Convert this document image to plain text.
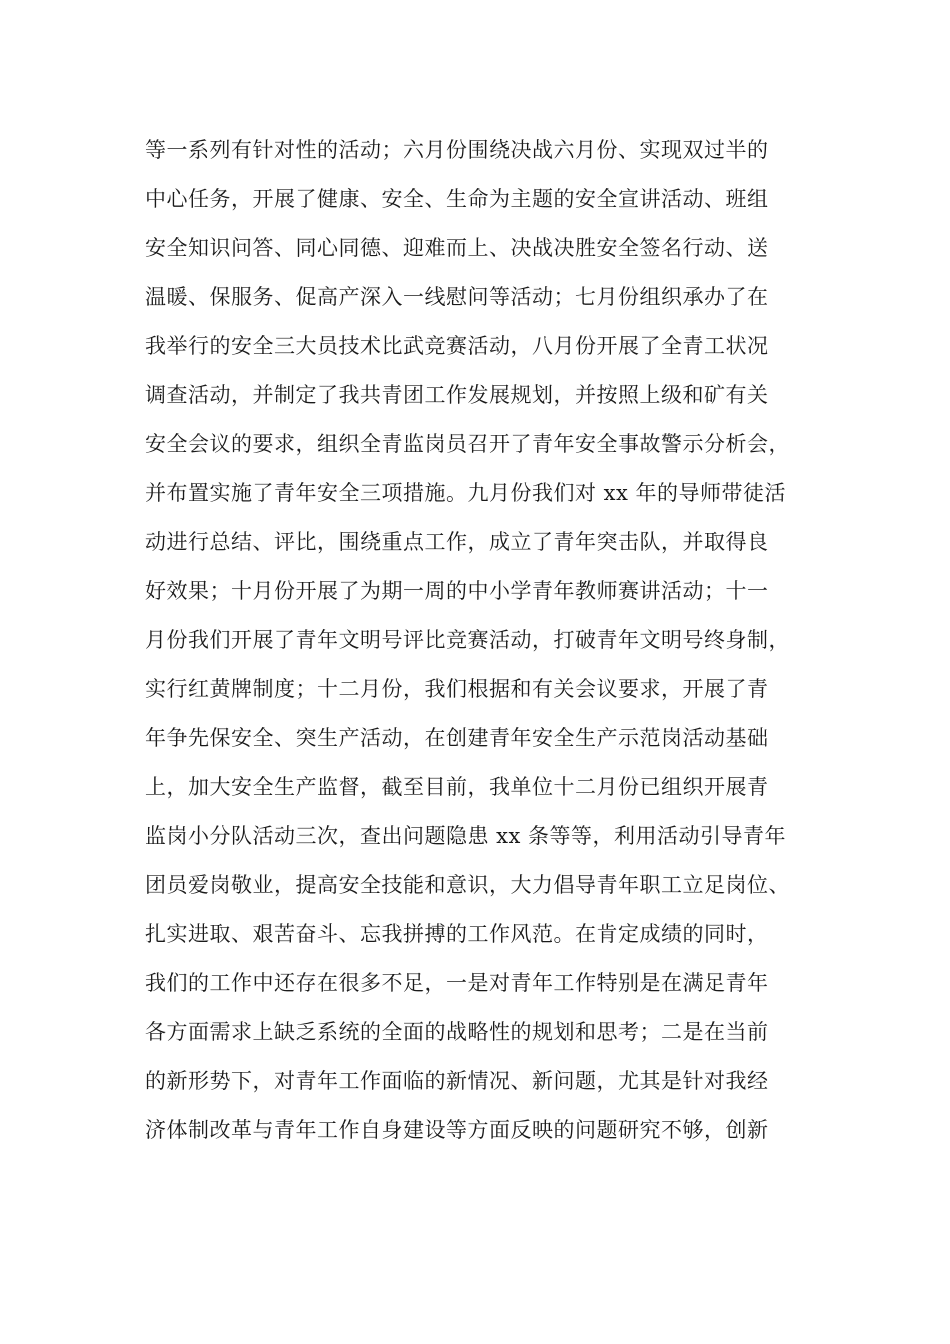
等一系列有针对性的活动；六月份围绕决战六月份、实现双过半的
中心任务，开展了健康、安全、生命为主题的安全宣讲活动、班组
安全知识问答、同心同德、迎难而上、决战决胜安全签名行动、送
温暖、保服务、促高产深入一线慰问等活动；七月份组织承办了在
我举行的安全三大员技术比武竞赛活动，八月份开展了全青工状况
调查活动，并制定了我共青团工作发展规划，并按照上级和矿有关
安全会议的要求，组织全青监岗员召开了青年安全事故警示分析会，
并布置实施了青年安全三项措施。九月份我们对 xx 年的导师带徒活
动进行总结、评比，围绕重点工作，成立了青年突击队，并取得良
好效果；十月份开展了为期一周的中小学青年教师赛讲活动；十一
月份我们开展了青年文明号评比竞赛活动，打破青年文明号终身制，
实行红黄牌制度；十二月份，我们根据和有关会议要求，开展了青
年争先保安全、突生产活动，在创建青年安全生产示范岗活动基础
上，加大安全生产监督，截至目前，我单位十二月份已组织开展青
监岗小分队活动三次，查出问题隐患 xx 条等等，利用活动引导青年
团员爱岗敬业，提高安全技能和意识，大力倡导青年职工立足岗位、
扎实进取、艰苦奋斗、忘我拼搏的工作风范。在肯定成绩的同时，
我们的工作中还存在很多不足，一是对青年工作特别是在满足青年
各方面需求上缺乏系统的全面的战略性的规划和思考；二是在当前
的新形势下，对青年工作面临的新情况、新问题，尤其是针对我经
济体制改革与青年工作自身建设等方面反映的问题研究不够，创新
